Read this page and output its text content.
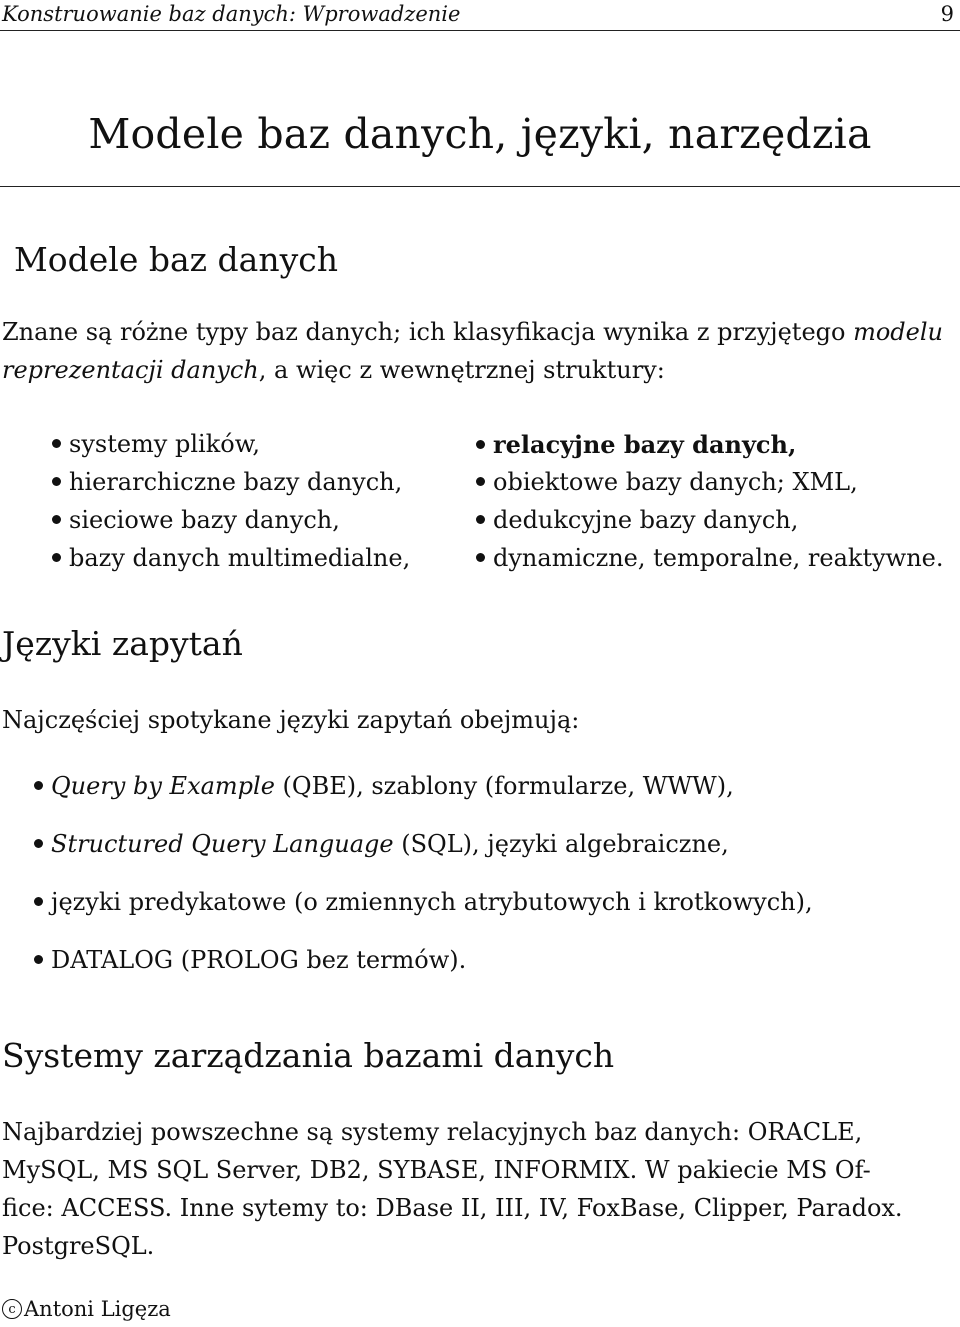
Konstruowanie baz danych: Wprowadzenie	9
Modele baz danych, języki, narzędzia
Modele baz danych

Znane są różne typy baz danych; ich klasyfikacja wynika z przyjętego modelu
reprezentacji danych, a więc z wewnętrznej struktury:

systemy plików,
hierarchiczne bazy danych,
sieciowe bazy danych,
bazy danych multimedialne,
relacyjne bazy danych,
obiektowe bazy danych; XML,
dedukcyjne bazy danych,
dynamiczne, temporalne, reaktywne.
Języki zapytań

Najczęściej spotykane języki zapytań obejmują:

Query by Example (QBE), szablony (formularze, WWW),
Structured Query Language (SQL), języki algebraiczne,
języki predykatowe (o zmiennych atrybutowych i krotkowych),
DATALOG (PROLOG bez termów).
Systemy zarządzania bazami danych

Najbardziej powszechne są systemy relacyjnych baz danych: ORACLE,
MySQL, MS SQL Server, DB2, SYBASE, INFORMIX. W pakiecie MS Of-
fice: ACCESS. Inne sytemy to: DBase II, III, IV, FoxBase, Clipper, Paradox.
PostgreSQL.

c Antoni Ligęza
